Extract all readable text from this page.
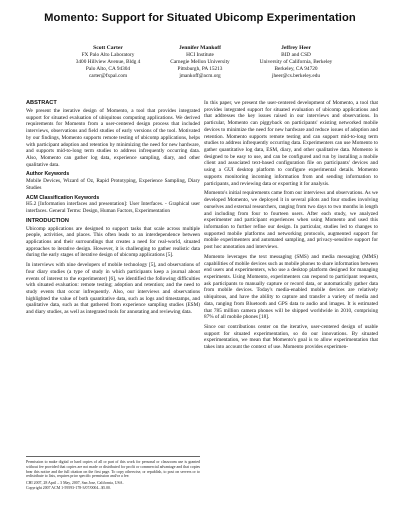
Momento: Support for Situated Ubicomp Experimentation
Scott Carter
FX Palo Alto Laboratory
3400 Hillview Avenue, Bldg 4
Palo Alto, CA 94304
carter@fxpal.com
Jennifer Mankoff
HCI Institute
Carnegie Mellon University
Pittsburgh, PA 15213
jmankoff@acm.org
Jeffrey Heer
BID and CSD
University of California, Berkeley
Berkeley, CA 94720
jheer@cs.berkeley.edu
ABSTRACT

We present the iterative design of Momento, a tool that provides integrated support for situated evaluation of ubiquitous computing applications. We derived requirements for Momento from a user-centered design process that included interviews, observations and field studies of early versions of the tool. Motivated by our findings, Momento supports remote testing of ubicomp applications, helps with participant adoption and retention by minimizing the need for new hardware, and supports mid-to-long term studies to address infrequently occurring data. Also, Momento can gather log data, experience sampling, diary, and other qualitative data.

Author Keywords

Mobile Devices, Wizard of Oz, Rapid Prototyping, Experience Sampling, Diary Studies

ACM Classification Keywords

H5.2 [Information interfaces and presentation]: User Interfaces. - Graphical user interfaces. General Terms: Design, Human Factors, Experimentation

INTRODUCTION

Ubicomp applications are designed to support tasks that scale across multiple people, activities, and places. This often leads to an interdependence between applications and their surroundings that creates a need for real-world, situated approaches to iterative design. However, it is challenging to gather realistic data during the early stages of iterative design of ubicomp applications [5].

In interviews with nine developers of mobile technology [5], and observations of four diary studies (a type of study in which participants keep a journal about events of interest to the experimenter) [6], we identified the following difficulties with situated evaluation: remote testing; adoption and retention; and the need to study events that occur infrequently. Also, our interviews and observations highlighted the value of both quantitative data, such as logs and timestamps, and qualitative data, such as that gathered from experience sampling studies (ESM) and diary studies, as well as integrated tools for annotating and reviewing data.

Permission to make digital or hard copies of all or part of this work for personal or classroom use is granted without fee provided that copies are not made or distributed for profit or commercial advantage and that copies bear this notice and the full citation on the first page. To copy otherwise, or republish, to post on servers or to redistribute to lists, requires prior specific permission and/or a fee.

CHI 2007, 28 April – 3 May, 2007, San Jose, California, USA.

Copyright 2007 ACM 1-59593-178-3/07/0004...$5.00.

In this paper, we present the user-centered development of Momento, a tool that provides integrated support for situated evaluation of ubicomp applications and that addresses the key issues raised in our interviews and observations. In particular, Momento can piggyback on participants' existing networked mobile devices to minimize the need for new hardware and reduce issues of adoption and retention. Momento supports remote testing and can support mid-to-long term studies to address infrequently occurring data. Experimenters can use Momento to gather quantitative log data, ESM, diary, and other qualitative data. Momento is designed to be easy to use, and can be configured and run by installing a mobile client and associated text-based configuration file on participants' devices and using a GUI desktop platform to configure experimental details. Momento supports monitoring incoming information from and sending information to participants, and reviewing data or exporting it for analysis.

Momento's initial requirements came from our interviews and observations. As we developed Momento, we deployed it in several pilots and four studies involving ourselves and external researchers, ranging from two days to two months in length and including from four to fourteen users. After each study, we analyzed experimenter and participant experiences when using Momento and used this information to further refine our design. In particular, studies led to changes to supported mobile platforms and networking protocols, augmented support for mobile experimenters and automated sampling, and privacy-sensitive support for post hoc annotation and interviews.

Momento leverages the text messaging (SMS) and media messaging (MMS) capabilities of mobile devices such as mobile phones to share information between end users and experimenters, who use a desktop platform designed for managing experiments. Using Momento, experimenters can respond to participant requests, ask participants to manually capture or record data, or automatically gather data from mobile devices. Today's media-enabled mobile devices are relatively ubiquitous, and have the ability to capture and transfer a variety of media and data, ranging from Bluetooth and GPS data to audio and images. It is estimated that 785 million camera phones will be shipped worldwide in 2010, comprising 87% of all mobile phones [18].

Since our contributions center on the iterative, user-centered design of usable support for situated experimentation, so do our innovations. By situated experimentation, we mean that Momento's goal is to allow experimentation that takes into account the context of use. Momento provides experimen-
